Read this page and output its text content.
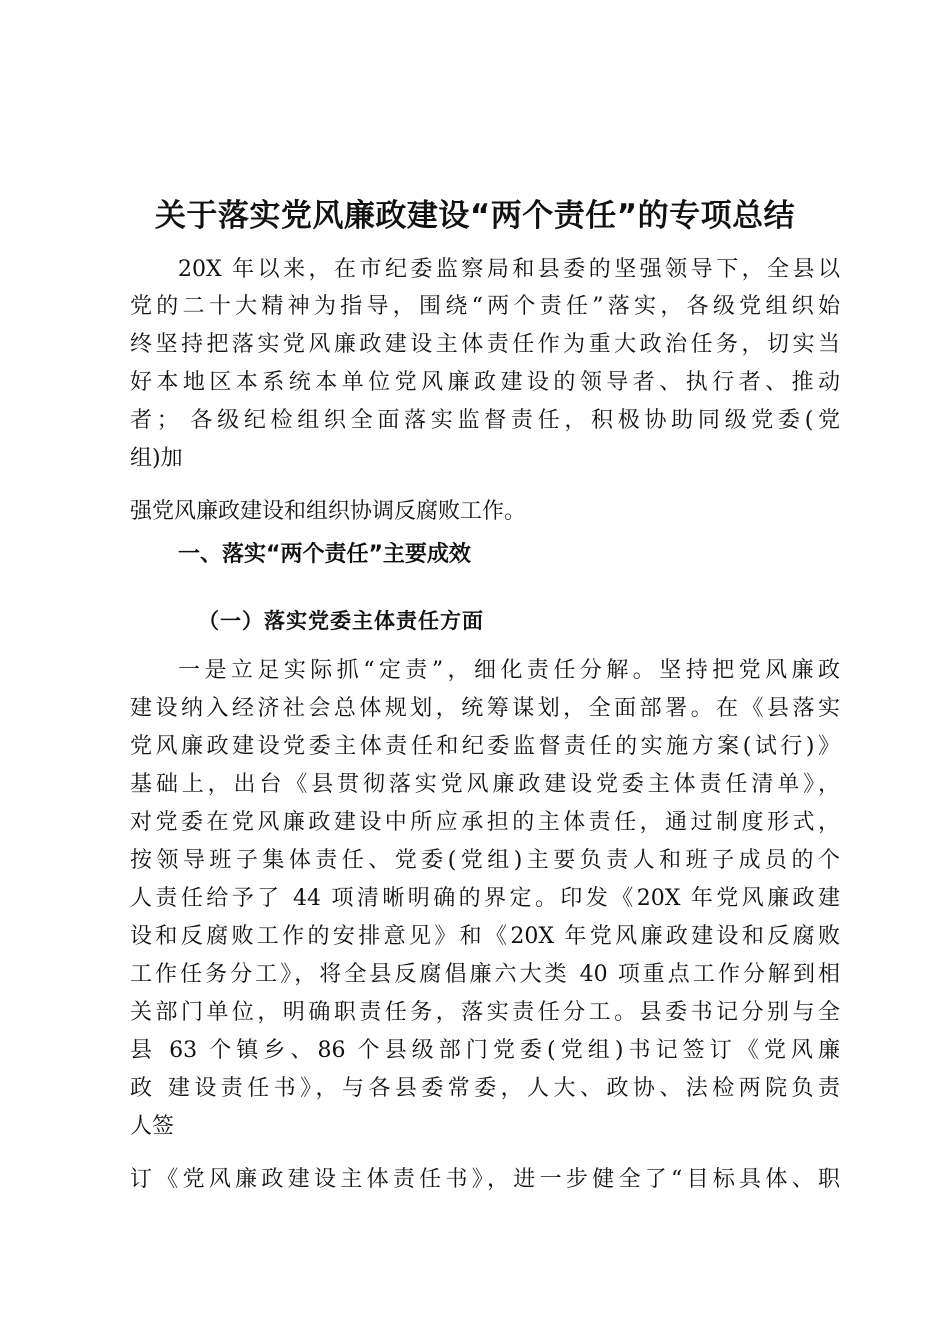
关于落实党风廉政建设“两个责任”的专项总结
20X 年以来，在市纪委监察局和县委的坚强领导下，全县以
党的二十大精神为指导，围绕“两个责任”落实，各级党组织始
终坚持把落实党风廉政建设主体责任作为重大政治任务，切实当
好本地区本系统本单位党风廉政建设的领导者、执行者、推动
者； 各级纪检组织全面落实监督责任，积极协助同级党委(党
组)加
强党风廉政建设和组织协调反腐败工作。
一、落实“两个责任”主要成效
（一）落实党委主体责任方面
一是立足实际抓“定责”，细化责任分解。坚持把党风廉政
建设纳入经济社会总体规划，统筹谋划，全面部署。在《县落实
党风廉政建设党委主体责任和纪委监督责任的实施方案(试行)》
基础上，出台《县贯彻落实党风廉政建设党委主体责任清单》，
对党委在党风廉政建设中所应承担的主体责任，通过制度形式，
按领导班子集体责任、党委(党组)主要负责人和班子成员的个
人责任给予了 44 项清晰明确的界定。印发《20X 年党风廉政建
设和反腐败工作的安排意见》和《20X 年党风廉政建设和反腐败
工作任务分工》，将全县反腐倡廉六大类 40 项重点工作分解到相
关部门单位，明确职责任务，落实责任分工。县委书记分别与全
县 63 个镇乡、86 个县级部门党委(党组)书记签订《党风廉
政 建设责任书》，与各县委常委，人大、政协、法检两院负责
人签
订《党风廉政建设主体责任书》，进一步健全了“目标具体、职
